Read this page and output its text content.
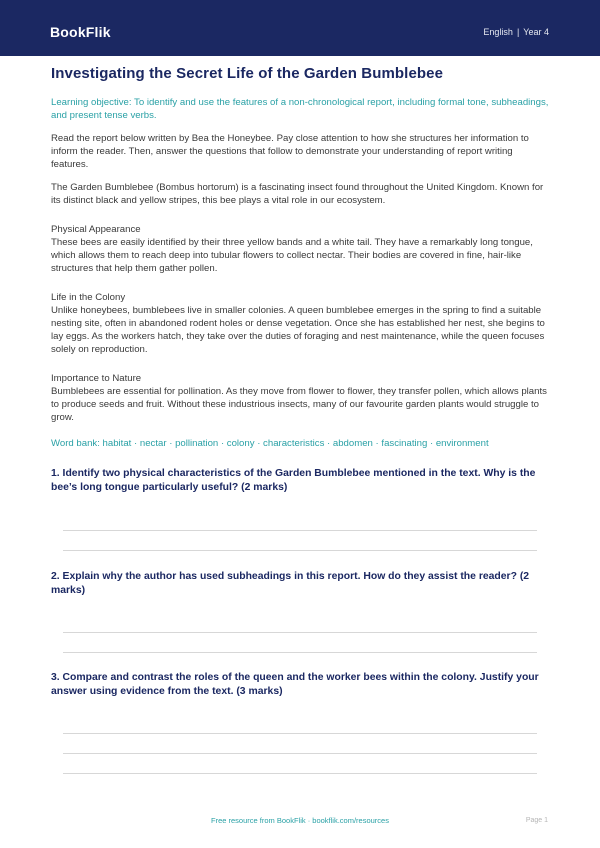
BookFlik	English | Year 4
Investigating the Secret Life of the Garden Bumblebee
Learning objective: To identify and use the features of a non-chronological report, including formal tone, subheadings, and present tense verbs.

Read the report below written by Bea the Honeybee. Pay close attention to how she structures her information to inform the reader. Then, answer the questions that follow to demonstrate your understanding of report writing features.

The Garden Bumblebee (Bombus hortorum) is a fascinating insect found throughout the United Kingdom. Known for its distinct black and yellow stripes, this bee plays a vital role in our ecosystem.

Physical Appearance

These bees are easily identified by their three yellow bands and a white tail. They have a remarkably long tongue, which allows them to reach deep into tubular flowers to collect nectar. Their bodies are covered in fine, hair-like structures that help them gather pollen.

Life in the Colony

Unlike honeybees, bumblebees live in smaller colonies. A queen bumblebee emerges in the spring to find a suitable nesting site, often in abandoned rodent holes or dense vegetation. Once she has established her nest, she begins to lay eggs. As the workers hatch, they take over the duties of foraging and nest maintenance, while the queen focuses solely on reproduction.

Importance to Nature

Bumblebees are essential for pollination. As they move from flower to flower, they transfer pollen, which allows plants to produce seeds and fruit. Without these industrious insects, many of our favourite garden plants would struggle to grow.

Word bank: habitat · nectar · pollination · colony · characteristics · abdomen · fascinating · environment
1. Identify two physical characteristics of the Garden Bumblebee mentioned in the text. Why is the bee’s long tongue particularly useful? (2 marks)
2. Explain why the author has used subheadings in this report. How do they assist the reader? (2 marks)
3. Compare and contrast the roles of the queen and the worker bees within the colony. Justify your answer using evidence from the text. (3 marks)
Free resource from BookFlik · bookflik.com/resources	Page 1
